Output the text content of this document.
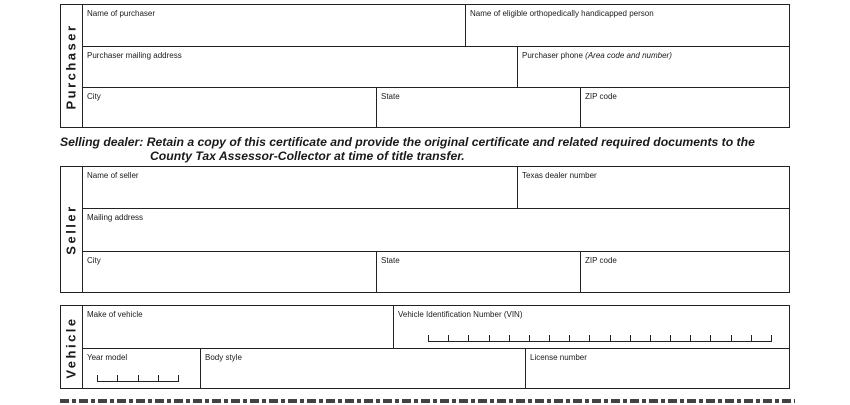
Purchaser
Name of purchaser	Name of eligible orthopedically handicapped person
Purchaser mailing address	Purchaser phone (Area code and number)
City	State	ZIP code
Selling dealer: Retain a copy of this certificate and provide the original certificate and related required documents to the
County Tax Assessor-Collector at time of title transfer.
Seller
Name of seller	Texas dealer number
Mailing address
City	State	ZIP code
Vehicle
Make of vehicle	Vehicle Identification Number (VIN)
Year model	Body style	License number
